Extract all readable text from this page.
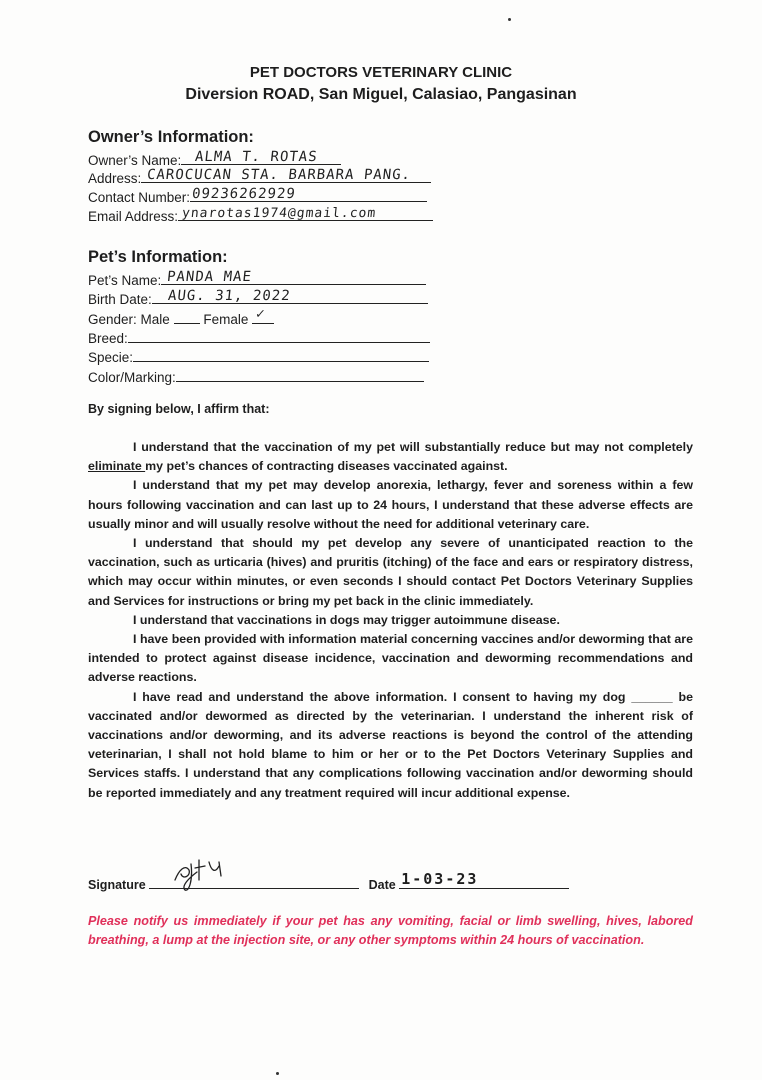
PET DOCTORS VETERINARY CLINIC
Diversion ROAD, San Miguel, Calasiao, Pangasinan
Owner’s Information:
Owner’s Name: ALMA T. ROTAS
Address: CAROCUCAN STA. BARBARA PANG.
Contact Number: 09236262929
Email Address: ynarotas1974@gmail.com
Pet’s Information:
Pet’s Name: PANDA MAE
Birth Date: AUG. 31, 2022
Gender: Male Female ✓
Breed:
Specie:
Color/Marking:
By signing below, I affirm that:

I understand that the vaccination of my pet will substantially reduce but may not completely eliminate my pet’s chances of contracting diseases vaccinated against.

I understand that my pet may develop anorexia, lethargy, fever and soreness within a few hours following vaccination and can last up to 24 hours, I understand that these adverse effects are usually minor and will usually resolve without the need for additional veterinary care.

I understand that should my pet develop any severe of unanticipated reaction to the vaccination, such as urticaria (hives) and pruritis (itching) of the face and ears or respiratory distress, which may occur within minutes, or even seconds I should contact Pet Doctors Veterinary Supplies and Services for instructions or bring my pet back in the clinic immediately.

I understand that vaccinations in dogs may trigger autoimmune disease.

I have been provided with information material concerning vaccines and/or deworming that are intended to protect against disease incidence, vaccination and deworming recommendations and adverse reactions.

I have read and understand the above information. I consent to having my dog ______ be vaccinated and/or dewormed as directed by the veterinarian. I understand the inherent risk of vaccinations and/or deworming, and its adverse reactions is beyond the control of the attending veterinarian, I shall not hold blame to him or her or to the Pet Doctors Veterinary Supplies and Services staffs. I understand that any complications following vaccination and/or deworming should be reported immediately and any treatment required will incur additional expense.

Signature	Date 1-03-23
Please notify us immediately if your pet has any vomiting, facial or limb swelling, hives, labored breathing, a lump at the injection site, or any other symptoms within 24 hours of vaccination.
